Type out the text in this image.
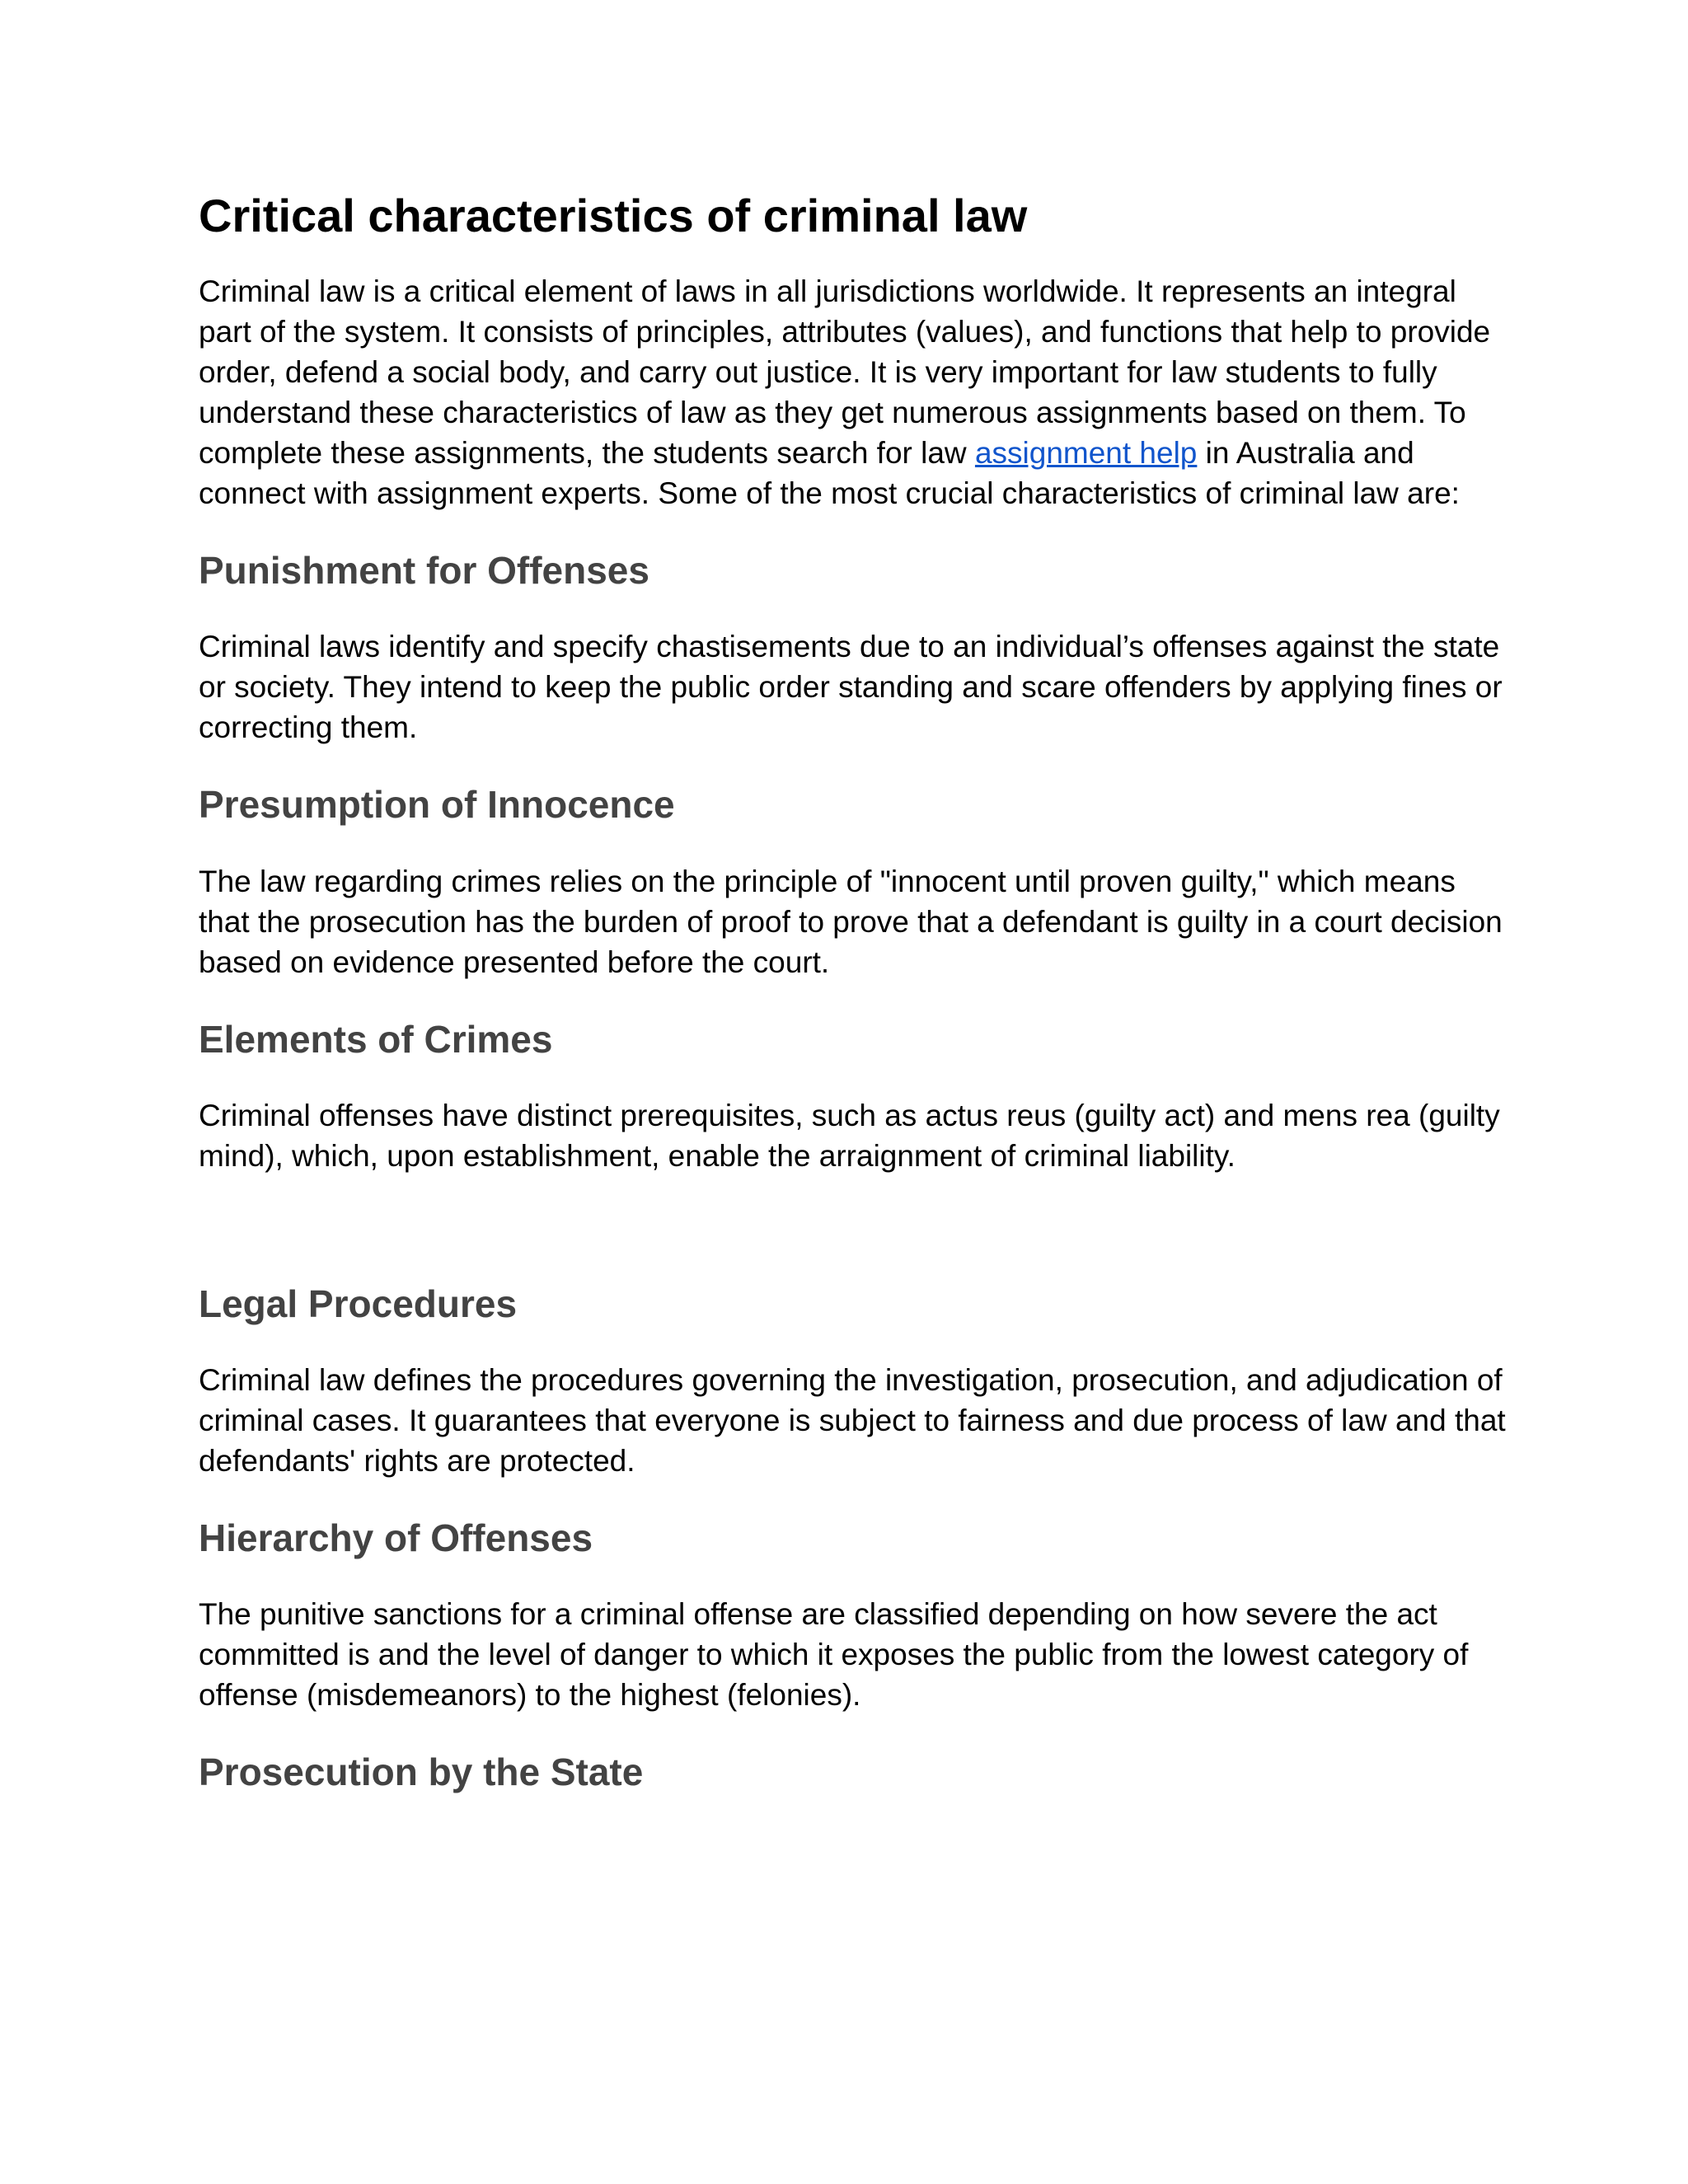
Critical characteristics of criminal law

Criminal law is a critical element of laws in all jurisdictions worldwide. It represents an integral part of the system. It consists of principles, attributes (values), and functions that help to provide order, defend a social body, and carry out justice. It is very important for law students to fully understand these characteristics of law as they get numerous assignments based on them. To complete these assignments, the students search for law assignment help in Australia and connect with assignment experts. Some of the most crucial characteristics of criminal law are:

Punishment for Offenses

Criminal laws identify and specify chastisements due to an individual’s offenses against the state or society. They intend to keep the public order standing and scare offenders by applying fines or correcting them.

Presumption of Innocence

The law regarding crimes relies on the principle of "innocent until proven guilty," which means that the prosecution has the burden of proof to prove that a defendant is guilty in a court decision based on evidence presented before the court.

Elements of Crimes

Criminal offenses have distinct prerequisites, such as actus reus (guilty act) and mens rea (guilty mind), which, upon establishment, enable the arraignment of criminal liability.

Legal Procedures

Criminal law defines the procedures governing the investigation, prosecution, and adjudication of criminal cases. It guarantees that everyone is subject to fairness and due process of law and that defendants' rights are protected.

Hierarchy of Offenses

The punitive sanctions for a criminal offense are classified depending on how severe the act committed is and the level of danger to which it exposes the public from the lowest category of offense (misdemeanors) to the highest (felonies).

Prosecution by the State
